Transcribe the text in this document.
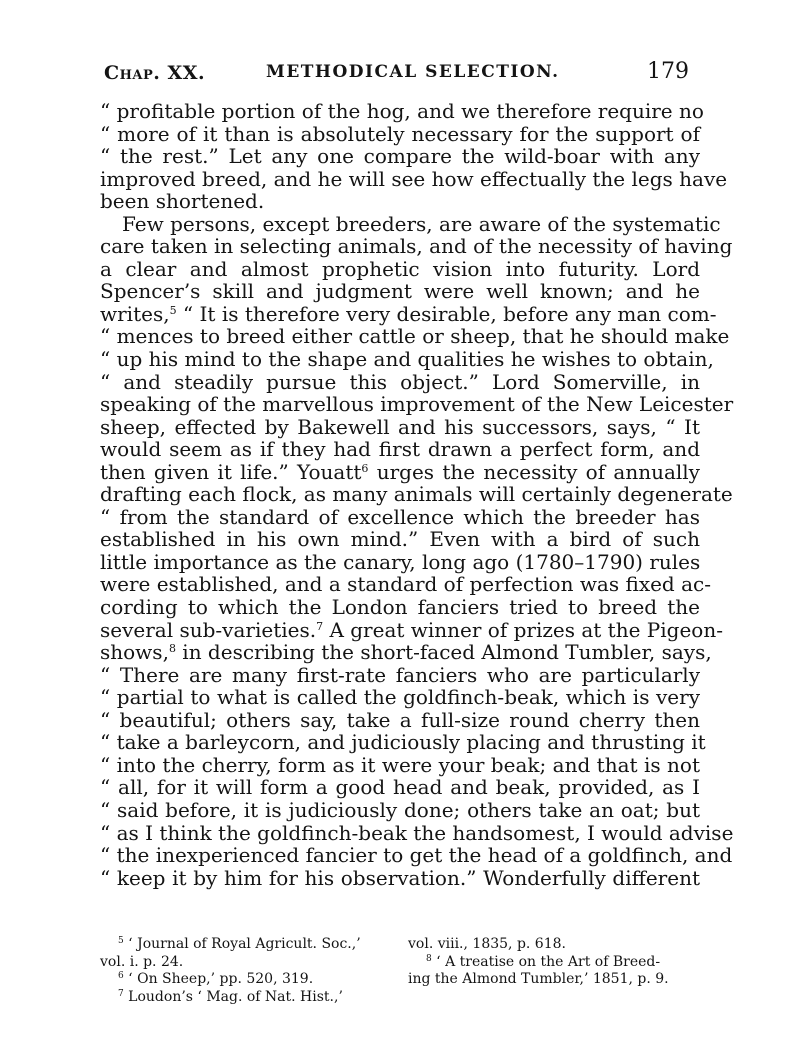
Chap. XX.	METHODICAL SELECTION.	179
“ profitable portion of the hog, and we therefore require no
“ more of it than is absolutely necessary for the support of
“ the rest.” Let any one compare the wild-boar with any
improved breed, and he will see how effectually the legs have
been shortened.
Few persons, except breeders, are aware of the systematic
care taken in selecting animals, and of the necessity of having
a clear and almost prophetic vision into futurity. Lord
Spencer’s skill and judgment were well known; and he
writes,$^5$ “ It is therefore very desirable, before any man com-
“ mences to breed either cattle or sheep, that he should make
“ up his mind to the shape and qualities he wishes to obtain,
“ and steadily pursue this object.” Lord Somerville, in
speaking of the marvellous improvement of the New Leicester
sheep, effected by Bakewell and his successors, says, “ It
would seem as if they had first drawn a perfect form, and
then given it life.” Youatt$^6$ urges the necessity of annually
drafting each flock, as many animals will certainly degenerate
“ from the standard of excellence which the breeder has
established in his own mind.” Even with a bird of such
little importance as the canary, long ago (1780–1790) rules
were established, and a standard of perfection was fixed ac-
cording to which the London fanciers tried to breed the
several sub-varieties.$^7$ A great winner of prizes at the Pigeon-
shows,$^8$ in describing the short-faced Almond Tumbler, says,
“ There are many first-rate fanciers who are particularly
“ partial to what is called the goldfinch-beak, which is very
“ beautiful; others say, take a full-size round cherry then
“ take a barleycorn, and judiciously placing and thrusting it
“ into the cherry, form as it were your beak; and that is not
“ all, for it will form a good head and beak, provided, as I
“ said before, it is judiciously done; others take an oat; but
“ as I think the goldfinch-beak the handsomest, I would advise
“ the inexperienced fancier to get the head of a goldfinch, and
“ keep it by him for his observation.” Wonderfully different
$^5$ ‘ Journal of Royal Agricult. Soc.,’
vol. i. p. 24.
$^6$ ‘ On Sheep,’ pp. 520, 319.
$^7$ Loudon’s ‘ Mag. of Nat. Hist.,’
vol. viii., 1835, p. 618.
$^8$ ‘ A treatise on the Art of Breed-
ing the Almond Tumbler,’ 1851, p. 9.
